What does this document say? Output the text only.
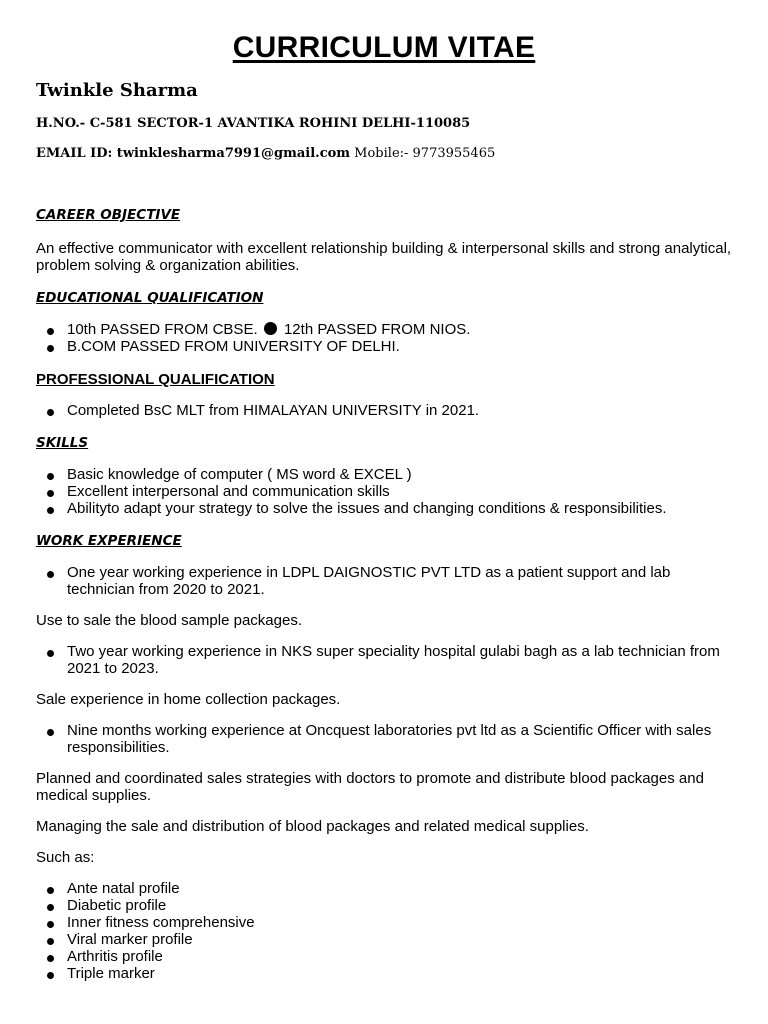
CURRICULUM VITAE
Twinkle Sharma
H.NO.- C-581 SECTOR-1 AVANTIKA ROHINI DELHI-110085
EMAIL ID: twinklesharma7991@gmail.com Mobile:- 9773955465
CAREER OBJECTIVE

An effective communicator with excellent relationship building & interpersonal skills and strong analytical, problem solving & organization abilities.

EDUCATIONAL QUALIFICATION
10th PASSED FROM CBSE. 12th PASSED FROM NIOS.
B.COM PASSED FROM UNIVERSITY OF DELHI.
PROFESSIONAL QUALIFICATION
Completed BsC MLT from HIMALAYAN UNIVERSITY in 2021.
SKILLS
Basic knowledge of computer ( MS word & EXCEL )
Excellent interpersonal and communication skills
Abilityto adapt your strategy to solve the issues and changing conditions & responsibilities.
WORK EXPERIENCE
One year working experience in LDPL DAIGNOSTIC PVT LTD as a patient support and lab technician from 2020 to 2021.

Use to sale the blood sample packages.

Two year working experience in NKS super speciality hospital gulabi bagh as a lab technician from 2021 to 2023.

Sale experience in home collection packages.

Nine months working experience at Oncquest laboratories pvt ltd as a Scientific Officer with sales responsibilities.

Planned and coordinated sales strategies with doctors to promote and distribute blood packages and medical supplies.

Managing the sale and distribution of blood packages and related medical supplies.

Such as:

Ante natal profile
Diabetic profile
Inner fitness comprehensive
Viral marker profile
Arthritis profile
Triple marker
